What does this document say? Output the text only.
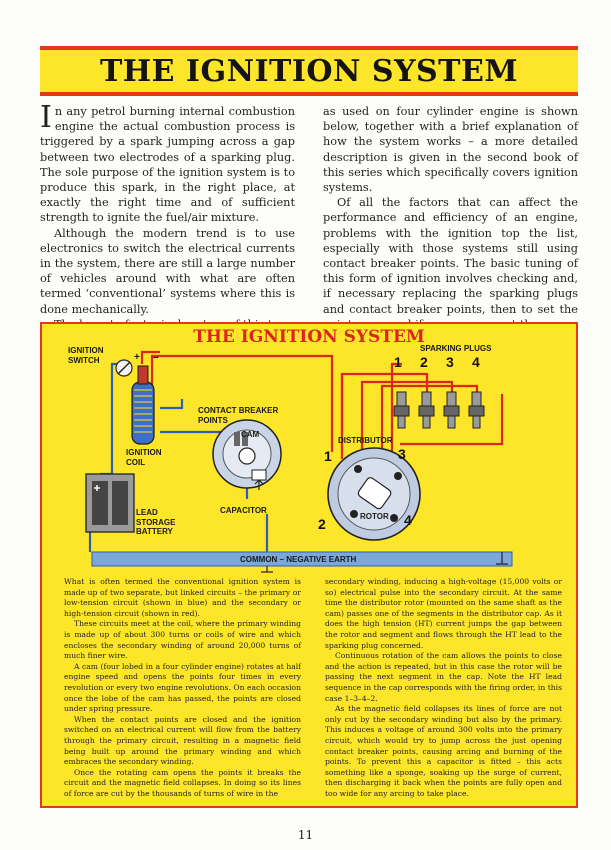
THE IGNITION SYSTEM

In any petrol burning internal combustion engine the actual combustion process is triggered by a spark jumping across a gap between two electrodes of a sparking plug. The sole purpose of the ignition system is to produce this spark, in the right place, at exactly the right time and of sufficient strength to ignite the fuel/air mixture.

Although the modern trend is to use electronics to switch the electrical currents in the system, there are still a large number of vehicles around with what are often termed ‘conventional’ systems where this is done mechanically.

as used on four cylinder engine is shown below, together with a brief explanation of how the system works – a more detailed description is given in the second book of this series which specifically covers ignition systems.

Of all the factors that can affect the performance and efficiency of an engine, problems with the ignition top the list, especially with those systems still using contact breaker points. The basic tuning of this form of ignition involves checking and, if necessary replacing the sparking plugs and contact breaker points, then to set the

THE IGNITION SYSTEM
IGNITION
SWITCH	+ –
IGNITION
COIL
CONTACT BREAKER
POINTS
CAM
CAPACITOR
LEAD
STORAGE
BATTERY
SPARKING PLUGS
DISTRIBUTOR
ROTOR
COMMON – NEGATIVE EARTH
1 2 3 4
1
2
3
4

What is often termed the conventional ignition system is made up of two separate, but linked circuits – the primary or low-tension circuit (shown in blue) and the secondary or high-tension circuit (shown in red).

These circuits meet at the coil, where the primary winding is made up of about 300 turns or coils of wire and which encloses the secondary winding of around 20,000 turns of much finer wire.

A cam (four lobed in a four cylinder engine) rotates at half engine speed and opens the points four times in every revolution or every two engine revolutions. On each occasion once the lobe of the cam has passed, the points are closed under spring pressure.

When the contact points are closed and the ignition switched on an electrical current will flow from the battery through the primary circuit, resulting in a magnetic field being built up around the primary winding and which embraces the secondary winding.

Once the rotating cam opens the points it breaks the circuit and the magnetic field collapses. In doing so its lines of force are cut by the thousands of turns of wire in the

secondary winding, inducing a high-voltage (15,000 volts or so) electrical pulse into the secondary circuit. At the same time the distributor rotor (mounted on the same shaft as the cam) passes one of the segments in the distributor cap. As it does the high tension (HT) current jumps the gap between the rotor and segment and flows through the HT lead to the sparking plug concerned.

Continuous rotation of the cam allows the points to close and the action is repeated, but in this case the rotor will be passing the next segment in the cap. Note the HT lead sequence in the cap corresponds with the firing order, in this case 1–3–4–2.

As the magnetic field collapses its lines of force are not only cut by the secondary winding but also by the primary. This induces a voltage of around 300 volts into the primary circuit, which would try to jump across the just opening contact breaker points, causing arcing and burning of the points. To prevent this a capacitor is fitted – this acts something like a sponge, soaking up the surge of current, then discharging it back when the points are fully open and too wide for any arcing to take place.

11
